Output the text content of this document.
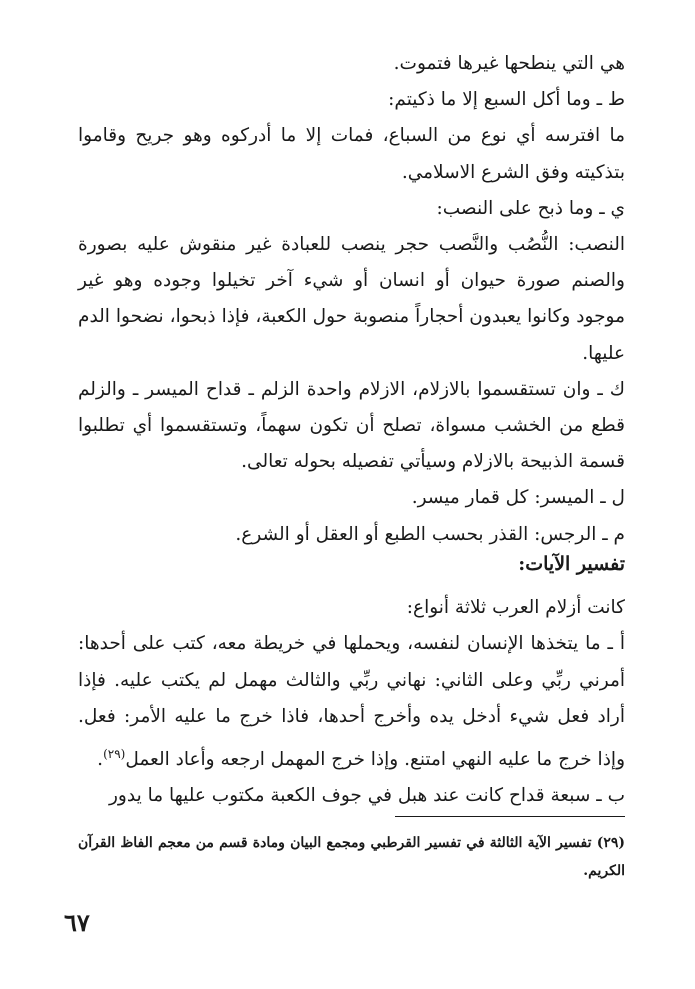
هي التي ينطحها غيرها فتموت.

ط ـ وما أكل السبع إلا ما ذكيتم:

ما افترسه أي نوع من السباع، فمات إلا ما أدركوه وهو جريح وقاموا بتذكيته وفق الشرع الاسلامي.

ي ـ وما ذبح على النصب:

النصب: النُّصُب والنَّصب حجر ينصب للعبادة غير منقوش عليه بصورة والصنم صورة حيوان أو انسان أو شيء آخر تخيلوا وجوده وهو غير موجود وكانوا يعبدون أحجاراً منصوبة حول الكعبة، فإذا ذبحوا، نضحوا الدم عليها.

ك ـ وان تستقسموا بالازلام، الازلام واحدة الزلم ـ قداح الميسر ـ والزلم قطع من الخشب مسواة، تصلح أن تكون سهماً، وتستقسموا أي تطلبوا قسمة الذبيحة بالازلام وسيأتي تفصيله بحوله تعالى.

ل ـ الميسر: كل قمار ميسر.

م ـ الرجس: القذر بحسب الطبع أو العقل أو الشرع.

تفسير الآيات:

كانت أزلام العرب ثلاثة أنواع:

أ ـ ما يتخذها الإنسان لنفسه، ويحملها في خريطة معه، كتب على أحدها: أمرني ربِّي وعلى الثاني: نهاني ربِّي والثالث مهمل لم يكتب عليه. فإذا أراد فعل شيء أدخل يده وأخرج أحدها، فاذا خرج ما عليه الأمر: فعل. وإذا خرج ما عليه النهي امتنع. وإذا خرج المهمل ارجعه وأعاد العمل$^{(٢٩)}$.

ب ـ سبعة قداح كانت عند هبل في جوف الكعبة مكتوب عليها ما يدور

(٢٩) تفسير الآية الثالثة في تفسير القرطبي ومجمع البيان ومادة قسم من معجم الفاظ القرآن الكريم.

٦٧
